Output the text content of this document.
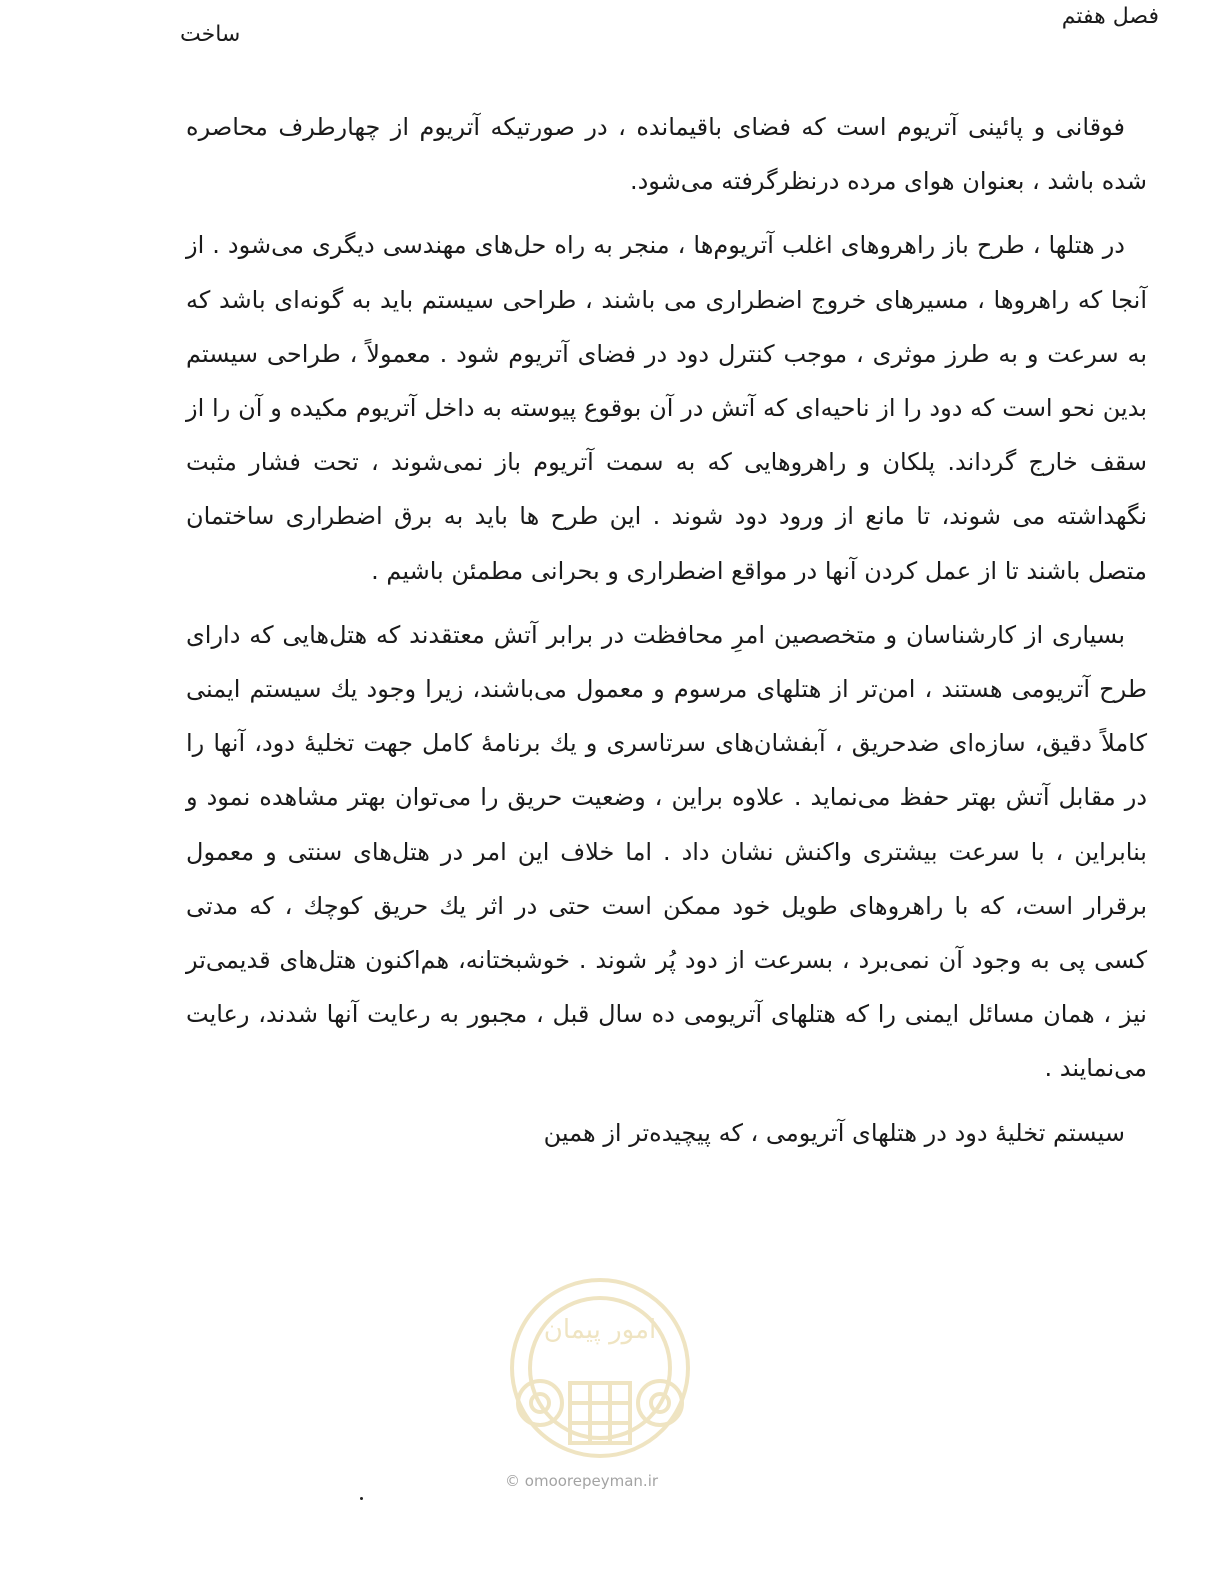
فصل هفتم
ساخت

فوقانی و پائینی آتریوم است که فضای باقیمانده ، در صورتیکه آتریوم از چهارطرف محاصره شده باشد ، بعنوان هوای مرده درنظرگرفته می‌شود.

در هتلها ، طرح باز راهروهای اغلب آتریوم‌ها ، منجر به راه حل‌های مهندسی دیگری می‌شود . از آنجا که راهروها ، مسیرهای خروج اضطراری می باشند ، طراحی سیستم باید به گونه‌ای باشد که به سرعت و به طرز موثری ، موجب کنترل دود در فضای آتریوم شود . معمولاً ، طراحی سیستم بدین نحو است که دود را از ناحیه‌ای که آتش در آن بوقوع پیوسته به داخل آتریوم مکیده و آن را از سقف خارج گرداند. پلکان و راهروهایی که به سمت آتریوم باز نمی‌شوند ، تحت فشار مثبت نگهداشته می شوند، تا مانع از ورود دود شوند . این طرح ها باید به برق اضطراری ساختمان متصل باشند تا از عمل کردن آنها در مواقع اضطراری و بحرانی مطمئن باشیم .

بسیاری از کارشناسان و متخصصین امرِ محافظت در برابر آتش معتقدند که هتل‌هایی که دارای طرح آتریومی هستند ، امن‌تر از هتلهای مرسوم و معمول می‌باشند، زیرا وجود یك سیستم ایمنی کاملاً دقیق، سازه‌ای ضدحریق ، آبفشان‌های سرتاسری و یك برنامهٔ کامل جهت تخلیهٔ دود، آنها را در مقابل آتش بهتر حفظ می‌نماید . علاوه براین ، وضعیت حریق را می‌توان بهتر مشاهده نمود و بنابراین ، با سرعت بیشتری واکنش نشان داد . اما خلاف این امر در هتل‌های سنتی و معمول برقرار است، که با راهروهای طویل خود ممکن است حتی در اثر یك حریق کوچك ، که مدتی کسی پی به وجود آن نمی‌برد ، بسرعت از دود پُر شوند . خوشبختانه، هم‌اکنون هتل‌های قدیمی‌تر نیز ، همان مسائل ایمنی را که هتلهای آتریومی ده سال قبل ، مجبور به رعایت آنها شدند، رعایت می‌نمایند .

سیستم تخلیهٔ دود در هتلهای آتریومی ، که پیچیده‌تر از همین

امور پیمان
© omoorepeyman.ir
